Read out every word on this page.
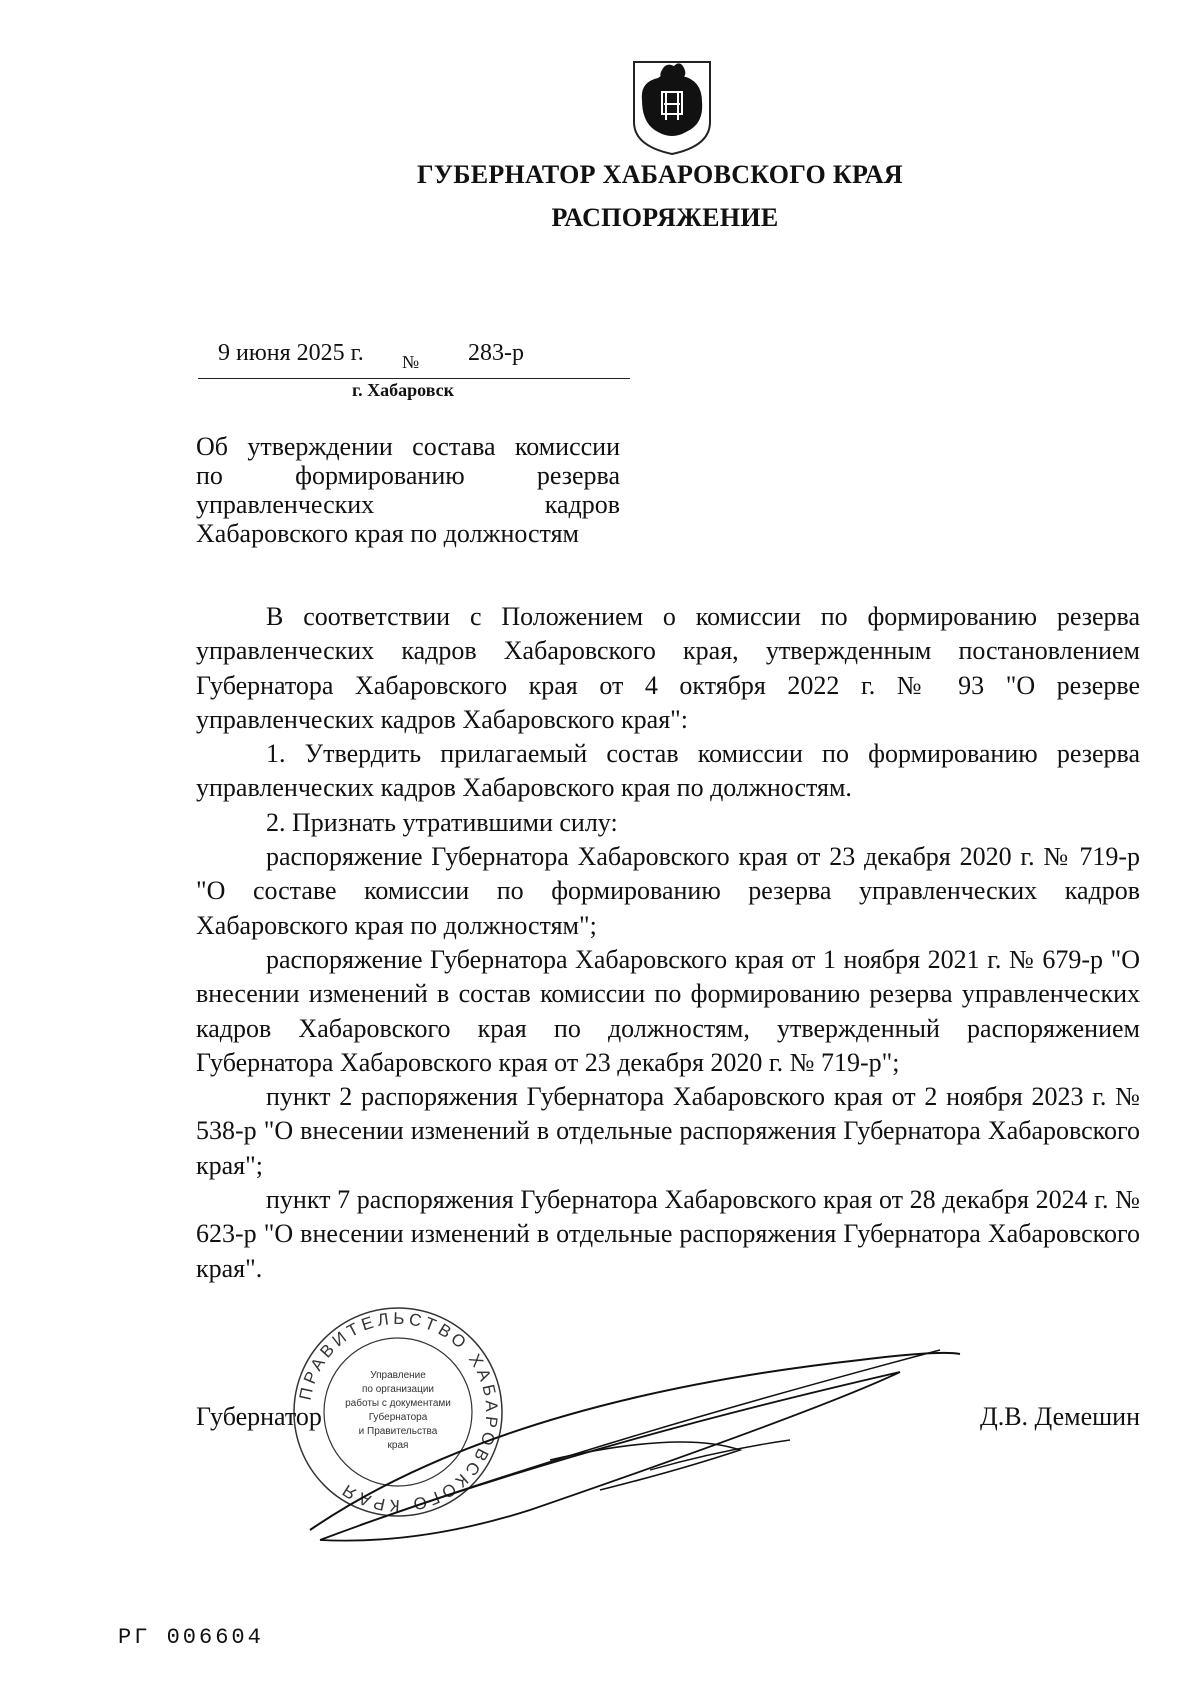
ГУБЕРНАТОР ХАБАРОВСКОГО КРАЯ
РАСПОРЯЖЕНИЕ
9 июня 2025 г. № 283-р
г. Хабаровск
Об утверждении состава комиссии
по формированию резерва
управленческих кадров
Хабаровского края по должностям

В соответствии с Положением о комиссии по формированию резерва управленческих кадров Хабаровского края, утвержденным постановлением Губернатора Хабаровского края от 4 октября 2022 г. № 93 "О резерве управленческих кадров Хабаровского края":

1. Утвердить прилагаемый состав комиссии по формированию резерва управленческих кадров Хабаровского края по должностям.

2. Признать утратившими силу:

распоряжение Губернатора Хабаровского края от 23 декабря 2020 г. № 719-р "О составе комиссии по формированию резерва управленческих кадров Хабаровского края по должностям";

распоряжение Губернатора Хабаровского края от 1 ноября 2021 г. № 679-р "О внесении изменений в состав комиссии по формированию резерва управленческих кадров Хабаровского края по должностям, утвержденный распоряжением Губернатора Хабаровского края от 23 декабря 2020 г. № 719-р";

пункт 2 распоряжения Губернатора Хабаровского края от 2 ноября 2023 г. № 538-р "О внесении изменений в отдельные распоряжения Губернатора Хабаровского края";

пункт 7 распоряжения Губернатора Хабаровского края от 28 декабря 2024 г. № 623-р "О внесении изменений в отдельные распоряжения Губернатора Хабаровского края".

ПРАВИТЕЛЬСТВО ХАБАРОВСКОГО КРАЯ
Управление
по организации
работы с документами
Губернатора
и Правительства
края
Губернатор	Д.В. Демешин
РГ 006604
